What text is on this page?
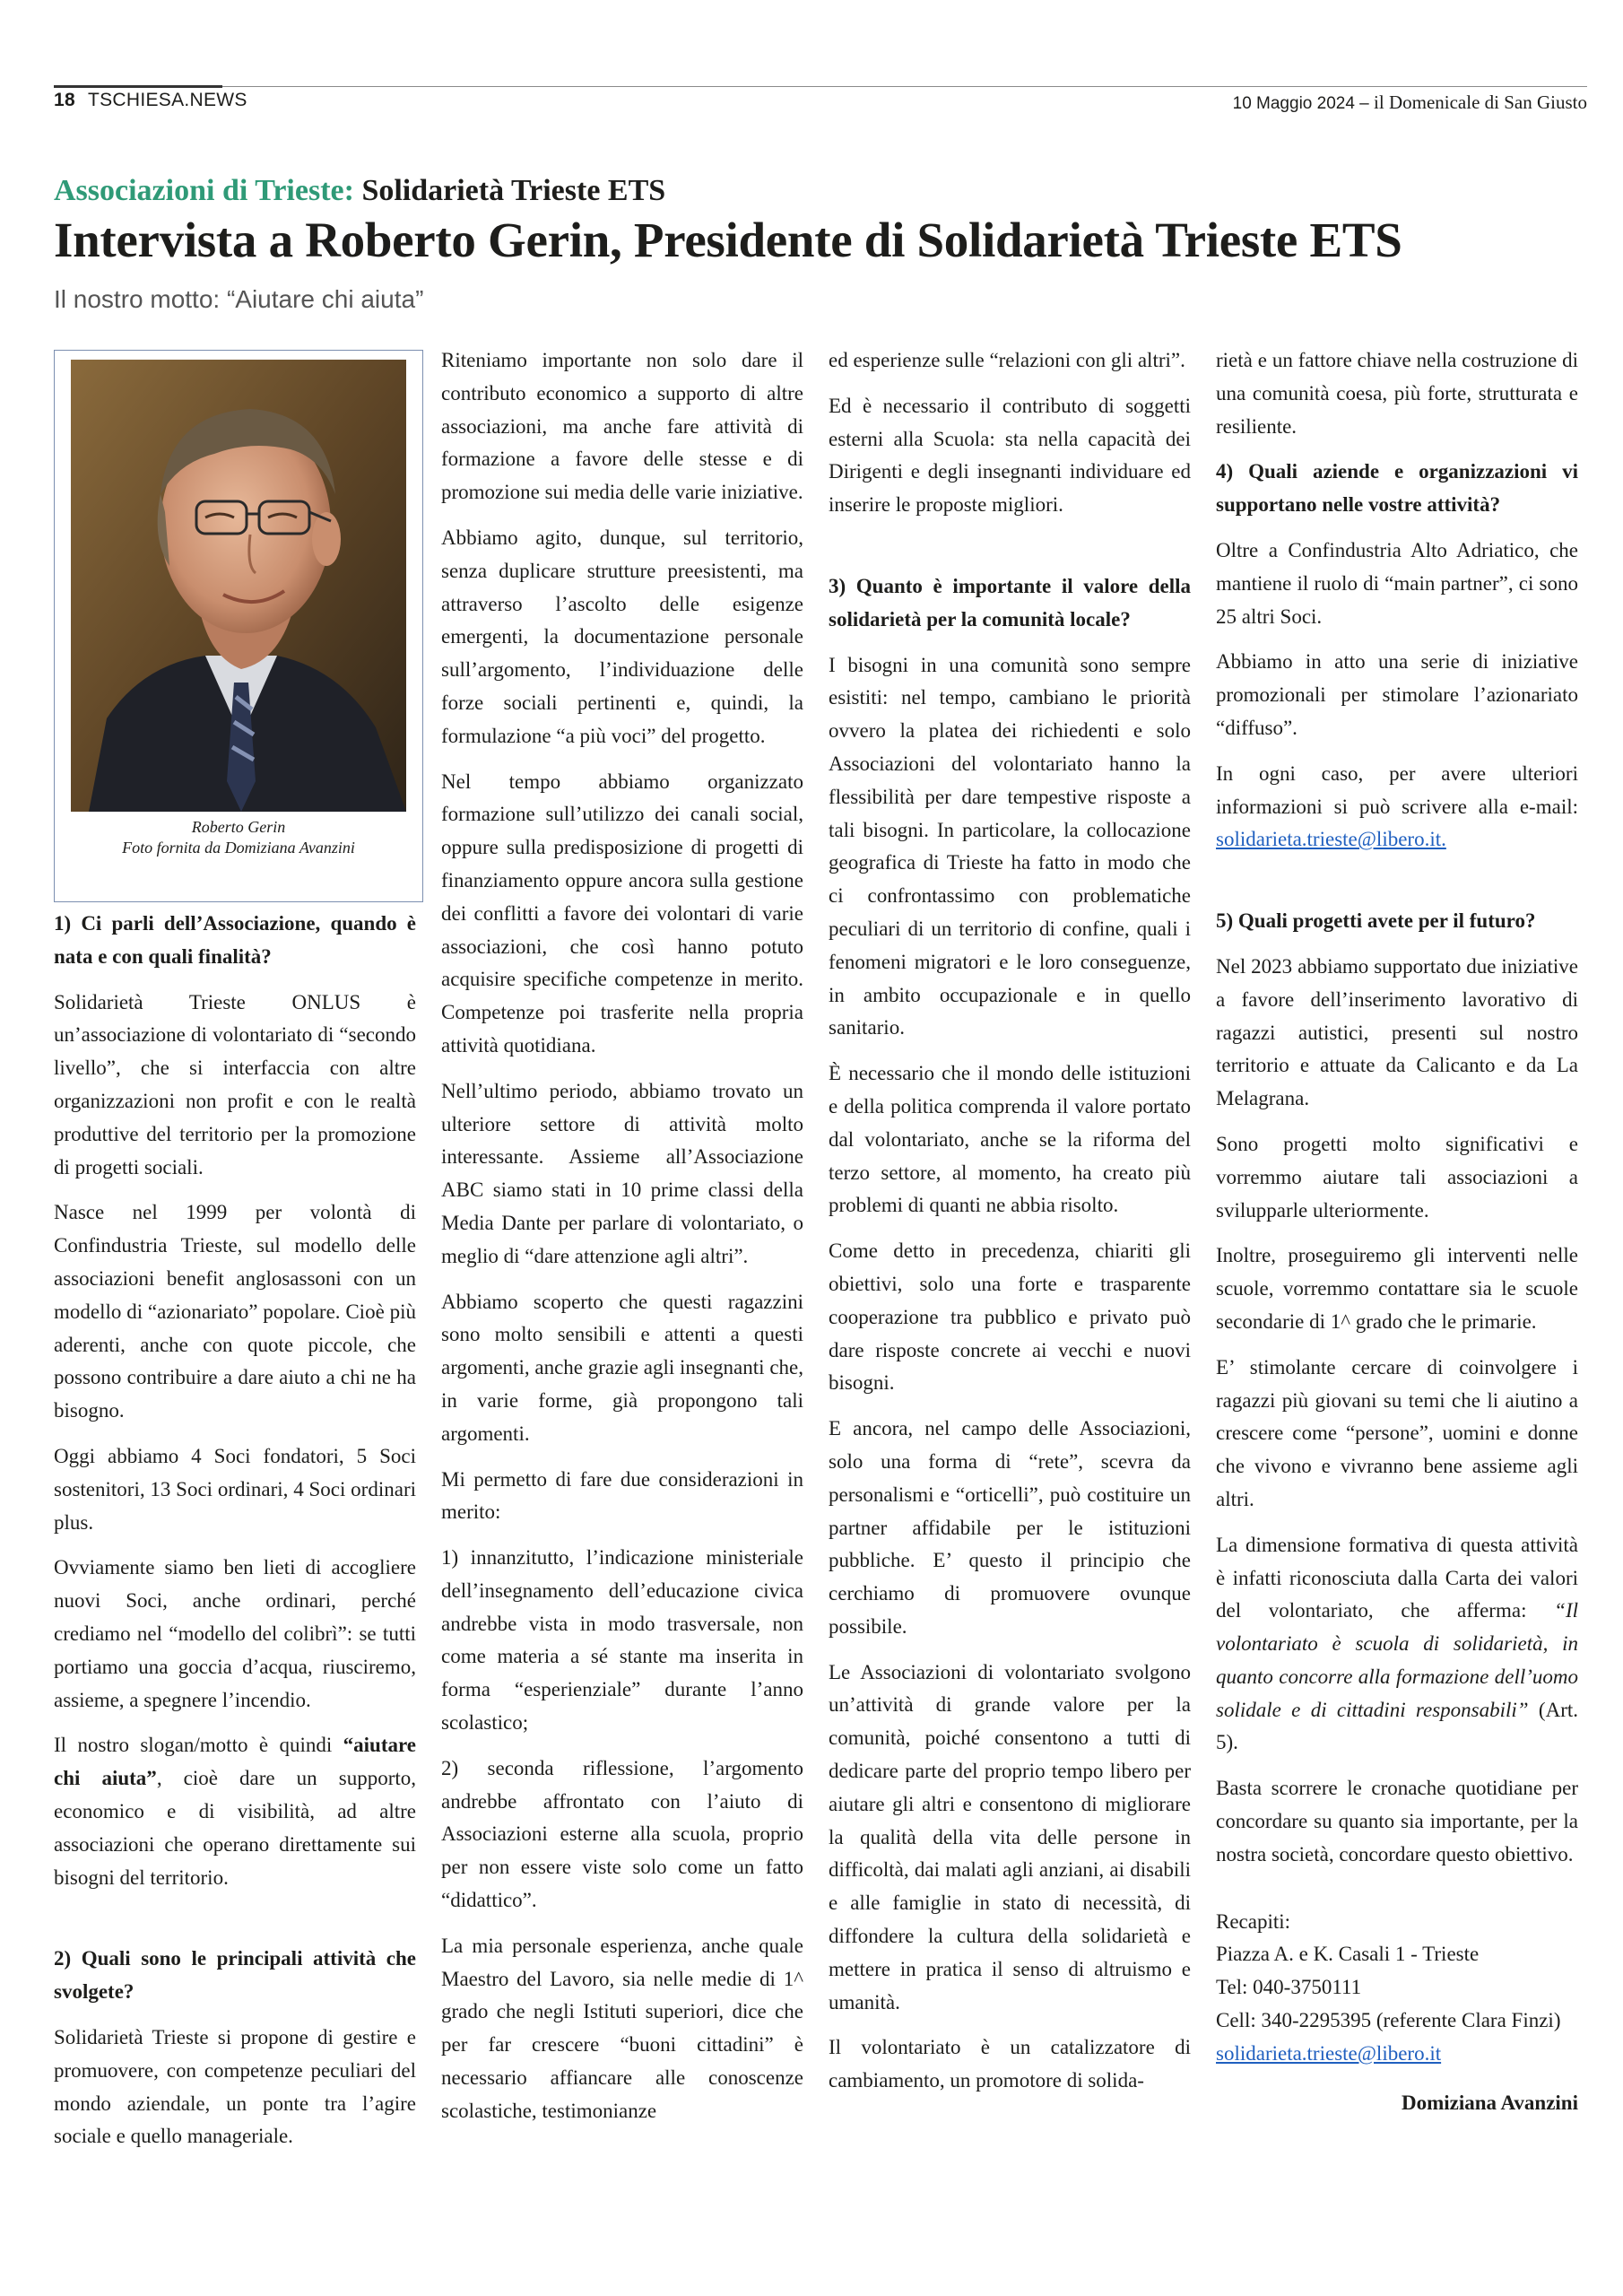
18 TSCHIESA.NEWS	10 Maggio 2024 – il Domenicale di San Giusto
Associazioni di Trieste: Solidarietà Trieste ETS
Intervista a Roberto Gerin, Presidente di Solidarietà Trieste ETS
Il nostro motto: “Aiutare chi aiuta”
Roberto Gerin
Foto fornita da Domiziana Avanzini
1) Ci parli dell’Associazione, quando è nata e con quali finalità?

Solidarietà Trieste ONLUS è un’associazione di volontariato di “secondo livello”, che si interfaccia con altre organizzazioni non profit e con le realtà produttive del territorio per la promozione di progetti sociali.

Nasce nel 1999 per volontà di Confindustria Trieste, sul modello delle associazioni benefit anglosassoni con un modello di “azionariato” popolare. Cioè più aderenti, anche con quote piccole, che possono contribuire a dare aiuto a chi ne ha bisogno.

Oggi abbiamo 4 Soci fondatori, 5 Soci sostenitori, 13 Soci ordinari, 4 Soci ordinari plus.

Ovviamente siamo ben lieti di accogliere nuovi Soci, anche ordinari, perché crediamo nel “modello del colibrì”: se tutti portiamo una goccia d’acqua, riusciremo, assieme, a spegnere l’incendio.

Il nostro slogan/motto è quindi “aiutare chi aiuta”, cioè dare un supporto, economico e di visibilità, ad altre associazioni che operano direttamente sui bisogni del territorio.

2) Quali sono le principali attività che svolgete?

Solidarietà Trieste si propone di gestire e promuovere, con competenze peculiari del mondo aziendale, un ponte tra l’agire sociale e quello manageriale.

Riteniamo importante non solo dare il contributo economico a supporto di altre associazioni, ma anche fare attività di formazione a favore delle stesse e di promozione sui media delle varie iniziative.

Abbiamo agito, dunque, sul territorio, senza duplicare strutture preesistenti, ma attraverso l’ascolto delle esigenze emergenti, la documentazione personale sull’argomento, l’individuazione delle forze sociali pertinenti e, quindi, la formulazione “a più voci” del progetto.

Nel tempo abbiamo organizzato formazione sull’utilizzo dei canali social, oppure sulla predisposizione di progetti di finanziamento oppure ancora sulla gestione dei conflitti a favore dei volontari di varie associazioni, che così hanno potuto acquisire specifiche competenze in merito. Competenze poi trasferite nella propria attività quotidiana.

Nell’ultimo periodo, abbiamo trovato un ulteriore settore di attività molto interessante. Assieme all’Associazione ABC siamo stati in 10 prime classi della Media Dante per parlare di volontariato, o meglio di “dare attenzione agli altri”.

Abbiamo scoperto che questi ragazzini sono molto sensibili e attenti a questi argomenti, anche grazie agli insegnanti che, in varie forme, già propongono tali argomenti.

Mi permetto di fare due considerazioni in merito:

1) innanzitutto, l’indicazione ministeriale dell’insegnamento dell’educazione civica andrebbe vista in modo trasversale, non come materia a sé stante ma inserita in forma “esperienziale” durante l’anno scolastico;

2) seconda riflessione, l’argomento andrebbe affrontato con l’aiuto di Associazioni esterne alla scuola, proprio per non essere viste solo come un fatto “didattico”.

La mia personale esperienza, anche quale Maestro del Lavoro, sia nelle medie di 1^ grado che negli Istituti superiori, dice che per far crescere “buoni cittadini” è necessario affiancare alle conoscenze scolastiche, testimonianze

ed esperienze sulle “relazioni con gli altri”.

Ed è necessario il contributo di soggetti esterni alla Scuola: sta nella capacità dei Dirigenti e degli insegnanti individuare ed inserire le proposte migliori.

3) Quanto è importante il valore della solidarietà per la comunità locale?

I bisogni in una comunità sono sempre esistiti: nel tempo, cambiano le priorità ovvero la platea dei richiedenti e solo Associazioni del volontariato hanno la flessibilità per dare tempestive risposte a tali bisogni. In particolare, la collocazione geografica di Trieste ha fatto in modo che ci confrontassimo con problematiche peculiari di un territorio di confine, quali i fenomeni migratori e le loro conseguenze, in ambito occupazionale e in quello sanitario.

È necessario che il mondo delle istituzioni e della politica comprenda il valore portato dal volontariato, anche se la riforma del terzo settore, al momento, ha creato più problemi di quanti ne abbia risolto.

Come detto in precedenza, chiariti gli obiettivi, solo una forte e trasparente cooperazione tra pubblico e privato può dare risposte concrete ai vecchi e nuovi bisogni.

E ancora, nel campo delle Associazioni, solo una forma di “rete”, scevra da personalismi e “orticelli”, può costituire un partner affidabile per le istituzioni pubbliche. E’ questo il principio che cerchiamo di promuovere ovunque possibile.

Le Associazioni di volontariato svolgono un’attività di grande valore per la comunità, poiché consentono a tutti di dedicare parte del proprio tempo libero per aiutare gli altri e consentono di migliorare la qualità della vita delle persone in difficoltà, dai malati agli anziani, ai disabili e alle famiglie in stato di necessità, di diffondere la cultura della solidarietà e mettere in pratica il senso di altruismo e umanità.

Il volontariato è un catalizzatore di cambiamento, un promotore di solida-

rietà e un fattore chiave nella costruzione di una comunità coesa, più forte, strutturata e resiliente.

4) Quali aziende e organizzazioni vi supportano nelle vostre attività?

Oltre a Confindustria Alto Adriatico, che mantiene il ruolo di “main partner”, ci sono 25 altri Soci.

Abbiamo in atto una serie di iniziative promozionali per stimolare l’azionariato “diffuso”.

In ogni caso, per avere ulteriori informazioni si può scrivere alla e-mail: solidarieta.trieste@libero.it.

5) Quali progetti avete per il futuro?

Nel 2023 abbiamo supportato due iniziative a favore dell’inserimento lavorativo di ragazzi autistici, presenti sul nostro territorio e attuate da Calicanto e da La Melagrana.

Sono progetti molto significativi e vorremmo aiutare tali associazioni a svilupparle ulteriormente.

Inoltre, proseguiremo gli interventi nelle scuole, vorremmo contattare sia le scuole secondarie di 1^ grado che le primarie.

E’ stimolante cercare di coinvolgere i ragazzi più giovani su temi che li aiutino a crescere come “persone”, uomini e donne che vivono e vivranno bene assieme agli altri.

La dimensione formativa di questa attività è infatti riconosciuta dalla Carta dei valori del volontariato, che afferma: “Il volontariato è scuola di solidarietà, in quanto concorre alla formazione dell’uomo solidale e di cittadini responsabili” (Art. 5).

Basta scorrere le cronache quotidiane per concordare su quanto sia importante, per la nostra società, concordare questo obiettivo.

Recapiti:
Piazza A. e K. Casali 1 - Trieste
Tel: 040-3750111
Cell: 340-2295395 (referente Clara Finzi)
solidarieta.trieste@libero.it
Domiziana Avanzini
